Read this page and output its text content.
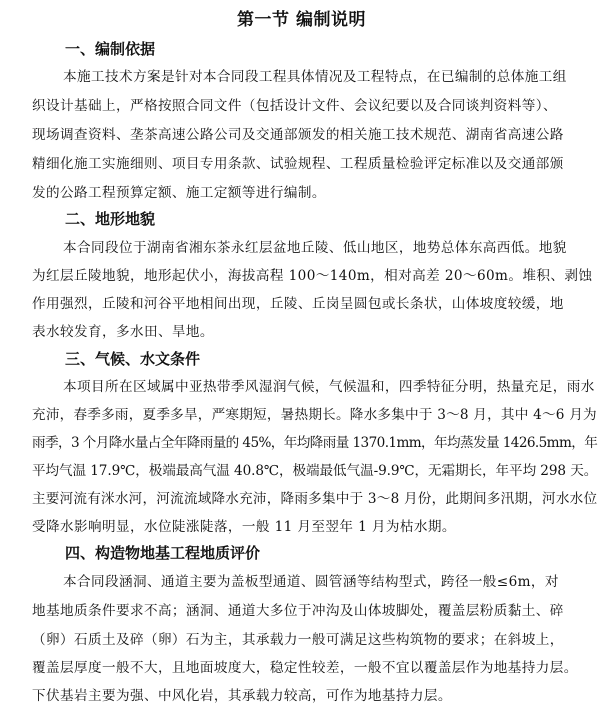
第一节 编制说明
一、编制依据
本施工技术方案是针对本合同段工程具体情况及工程特点，在已编制的总体施工组
织设计基础上，严格按照合同文件（包括设计文件、会议纪要以及合同谈判资料等）、
现场调查资料、垄茶高速公路公司及交通部颁发的相关施工技术规范、湖南省高速公路
精细化施工实施细则、项目专用条款、试验规程、工程质量检验评定标准以及交通部颁
发的公路工程预算定额、施工定额等进行编制。
二、地形地貌
本合同段位于湖南省湘东茶永红层盆地丘陵、低山地区，地势总体东高西低。地貌
为红层丘陵地貌，地形起伏小，海拔高程 100～140m，相对高差 20～60m。堆积、剥蚀
作用强烈，丘陵和河谷平地相间出现，丘陵、丘岗呈圆包或长条状，山体坡度较缓，地
表水较发育，多水田、旱地。
三、气候、水文条件
本项目所在区域属中亚热带季风湿润气候，气候温和，四季特征分明，热量充足，雨水
充沛，春季多雨，夏季多旱，严寒期短，暑热期长。降水多集中于 3～8 月，其中 4～6 月为
雨季，3 个月降水量占全年降雨量的 45%，年均降雨量 1370.1mm，年均蒸发量 1426.5mm，年
平均气温 17.9℃，极端最高气温 40.8℃，极端最低气温-9.9℃，无霜期长，年平均 298 天。
主要河流有洣水河，河流流域降水充沛，降雨多集中于 3～8 月份，此期间多汛期，河水水位
受降水影响明显，水位陡涨陡落，一般 11 月至翌年 1 月为枯水期。
四、构造物地基工程地质评价
本合同段涵洞、通道主要为盖板型通道、圆管涵等结构型式，跨径一般≤6m，对
地基地质条件要求不高；涵洞、通道大多位于冲沟及山体坡脚处，覆盖层粉质黏土、碎
（卵）石质土及碎（卵）石为主，其承载力一般可满足这些构筑物的要求；在斜坡上，
覆盖层厚度一般不大，且地面坡度大，稳定性较差，一般不宜以覆盖层作为地基持力层。
下伏基岩主要为强、中风化岩，其承载力较高，可作为地基持力层。
